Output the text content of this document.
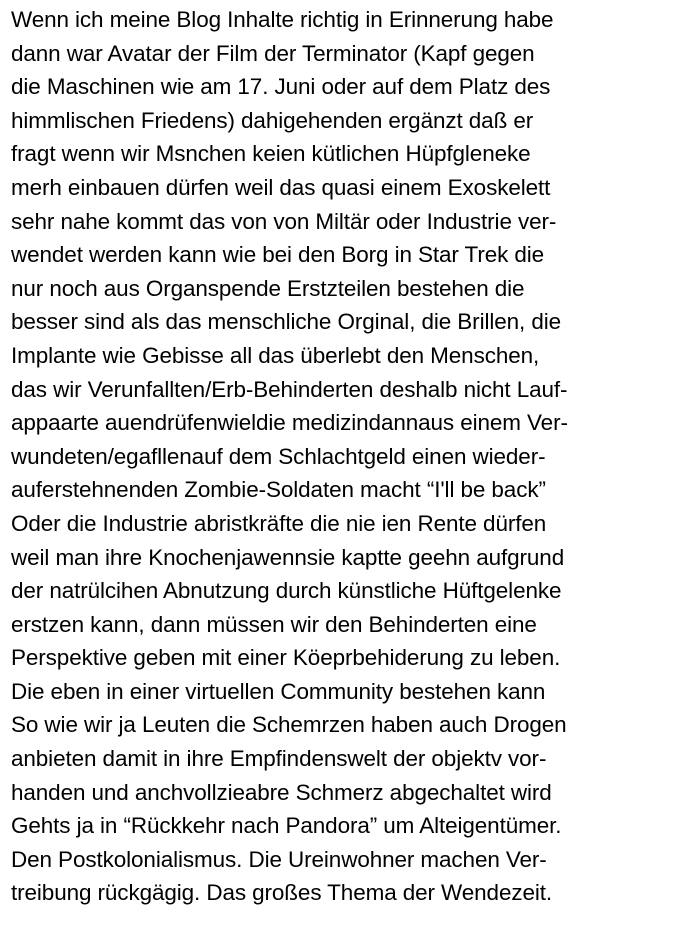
Wenn ich meine Blog Inhalte richtig in Erinnerung habe
dann war Avatar der Film der Terminator (Kapf gegen
die Maschinen wie am 17. Juni oder auf dem Platz des
himmlischen Friedens) dahigehenden ergänzt daß er
fragt wenn wir Msnchen keien kütlichen Hüpfgleneke
merh einbauen dürfen weil das quasi einem Exoskelett
sehr nahe kommt das von von Miltär oder Industrie ver-
wendet werden kann wie bei den Borg in Star Trek die
nur noch aus Organspende Erstzteilen bestehen die
besser sind als das menschliche Orginal, die Brillen, die
Implante wie Gebisse all das überlebt den Menschen,
das wir Verunfallten/Erb-Behinderten deshalb nicht Lauf-
appaarte auendrüfenwieldie medizindannaus einem Ver-
wundeten/egafllenauf dem Schlachtgeld einen wieder-
auferstehnenden Zombie-Soldaten macht “I'll be back”
Oder die Industrie abristkräfte die nie ien Rente dürfen
weil man ihre Knochenjawennsie kaptte geehn aufgrund
der natrülcihen Abnutzung durch künstliche Hüftgelenke
erstzen kann, dann müssen wir den Behinderten eine
Perspektive geben mit einer Köeprbehiderung zu leben.
Die eben in einer virtuellen Community bestehen kann
So wie wir ja Leuten die Schemrzen haben auch Drogen
anbieten damit in ihre Empfindenswelt der objektv vor-
handen und anchvollzieabre Schmerz abgechaltet wird
Gehts ja in “Rückkehr nach Pandora” um Alteigentümer.
Den Postkolonialismus. Die Ureinwohner machen Ver-
treibung rückgägig. Das großes Thema der Wendezeit.
